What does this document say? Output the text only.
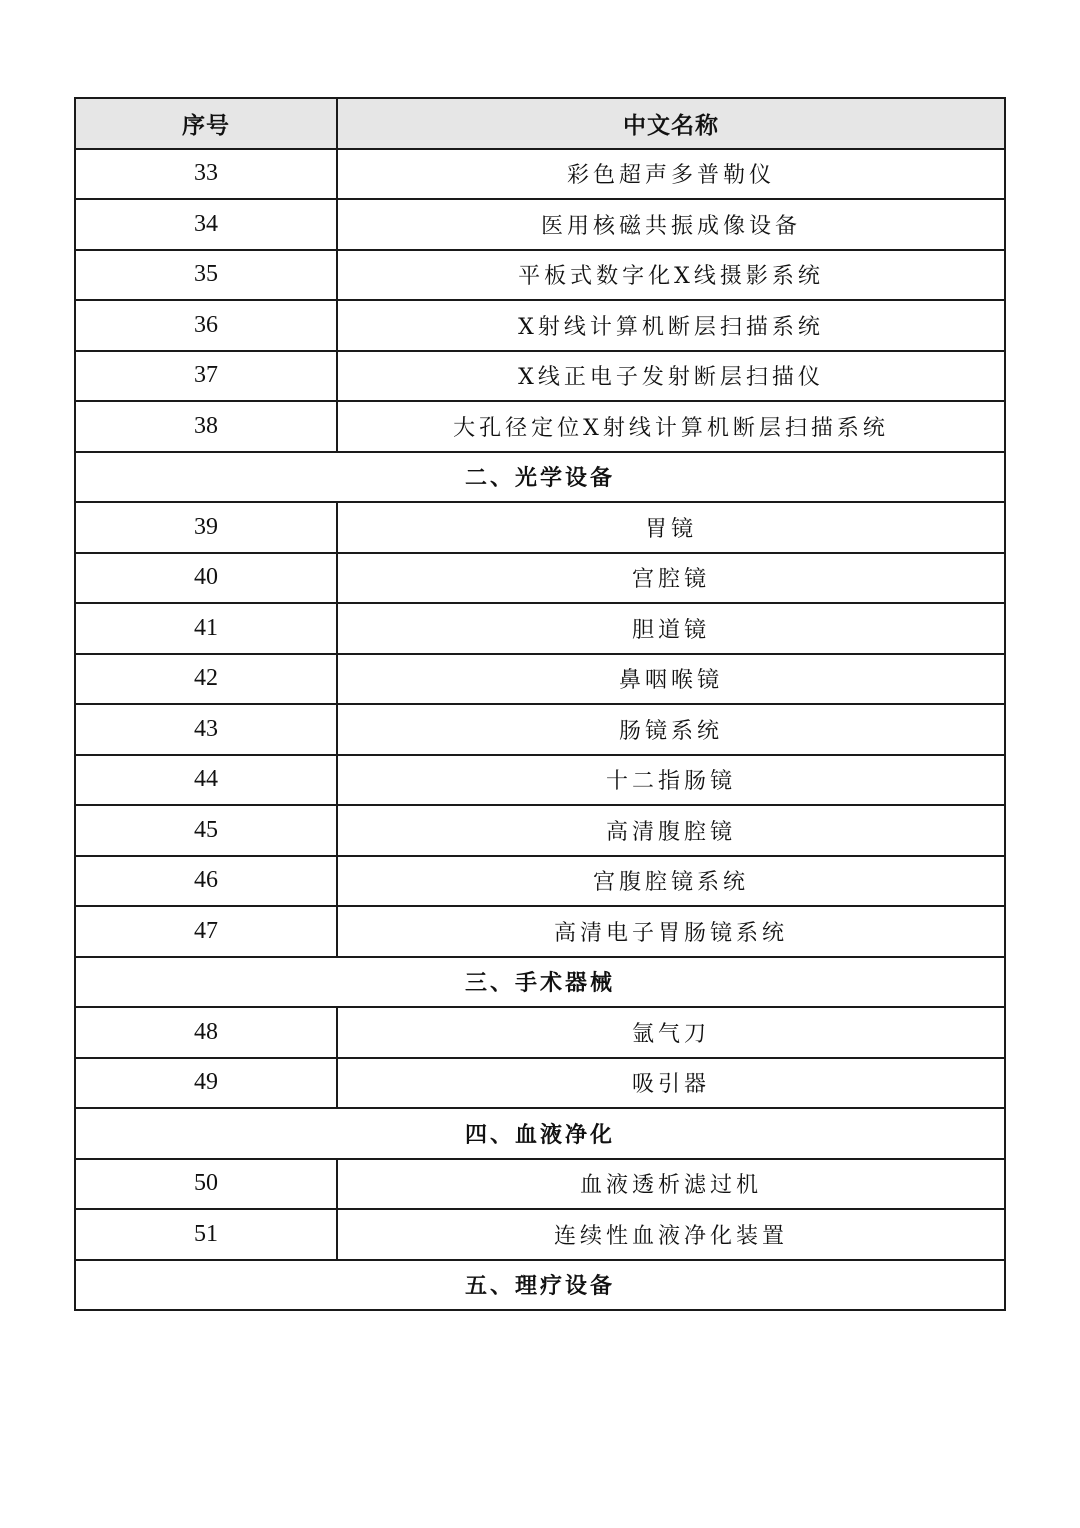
序号	中文名称
33	彩色超声多普勒仪
34	医用核磁共振成像设备
35	平板式数字化X线摄影系统
36	X射线计算机断层扫描系统
37	X线正电子发射断层扫描仪
38	大孔径定位X射线计算机断层扫描系统
二、光学设备	
39	胃镜
40	宫腔镜
41	胆道镜
42	鼻咽喉镜
43	肠镜系统
44	十二指肠镜
45	高清腹腔镜
46	宫腹腔镜系统
47	高清电子胃肠镜系统
三、手术器械	
48	氩气刀
49	吸引器
四、血液净化	
50	血液透析滤过机
51	连续性血液净化装置
五、理疗设备	
